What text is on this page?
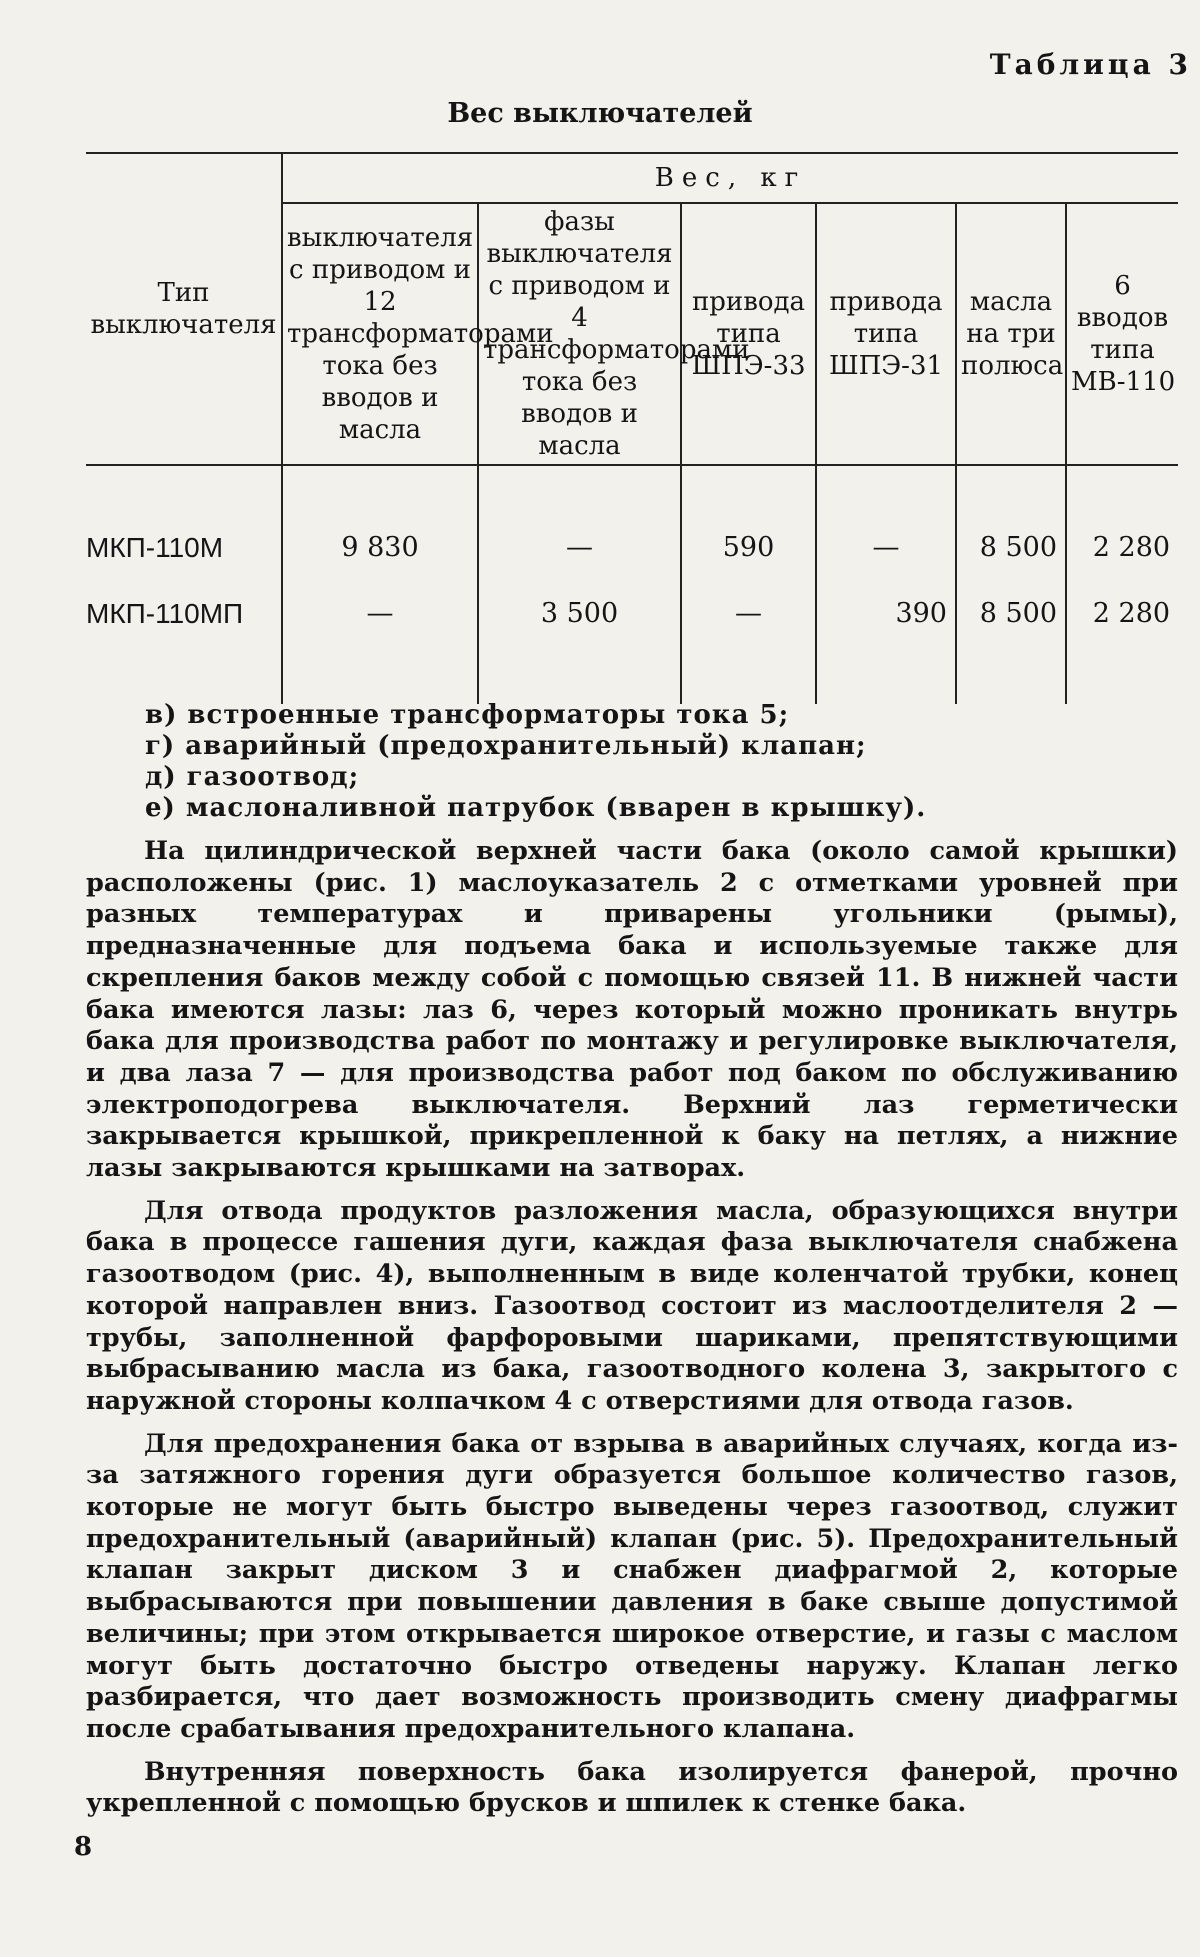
Таблица 3
Вес выключателей
Тип выключателя	Вес, кг					
	выключателя с приводом и 12 трансформаторами тока без вводов и масла	фазы выключателя с приводом и 4 трансформаторами тока без вводов и масла	привода типа ШПЭ-33	привода типа ШПЭ-31	масла на три полюса	6 вводов типа МВ-110
МКП-110М	9 830	—	590	—	8 500	2 280
МКП-110МП	—	3 500	—	390	8 500	2 280
в) встроенные трансформаторы тока 5;
г) аварийный (предохранительный) клапан;
д) газоотвод;
е) маслоналивной патрубок (вварен в крышку).

На цилиндрической верхней части бака (около самой крышки) расположены (рис. 1) маслоуказатель 2 с отметками уровней при разных температурах и приварены угольники (рымы), предназначенные для подъема бака и используемые также для скрепления баков между собой с помощью связей 11. В нижней части бака имеются лазы: лаз 6, через который можно проникать внутрь бака для производства работ по монтажу и регулировке выключателя, и два лаза 7 — для производства работ под баком по обслуживанию электроподогрева выключателя. Верхний лаз герметически закрывается крышкой, прикрепленной к баку на петлях, а нижние лазы закрываются крышками на затворах.

Для отвода продуктов разложения масла, образующихся внутри бака в процессе гашения дуги, каждая фаза выключателя снабжена газоотводом (рис. 4), выполненным в виде коленчатой трубки, конец которой направлен вниз. Газоотвод состоит из маслоотделителя 2 — трубы, заполненной фарфоровыми шариками, препятствующими выбрасыванию масла из бака, газоотводного колена 3, закрытого с наружной стороны колпачком 4 с отверстиями для отвода газов.

Для предохранения бака от взрыва в аварийных случаях, когда из-за затяжного горения дуги образуется большое количество газов, которые не могут быть быстро выведены через газоотвод, служит предохранительный (аварийный) клапан (рис. 5). Предохранительный клапан закрыт диском 3 и снабжен диафрагмой 2, которые выбрасываются при повышении давления в баке свыше допустимой величины; при этом открывается широкое отверстие, и газы с маслом могут быть достаточно быстро отведены наружу. Клапан легко разбирается, что дает возможность производить смену диафрагмы после срабатывания предохранительного клапана.

Внутренняя поверхность бака изолируется фанерой, прочно укрепленной с помощью брусков и шпилек к стенке бака.

8
